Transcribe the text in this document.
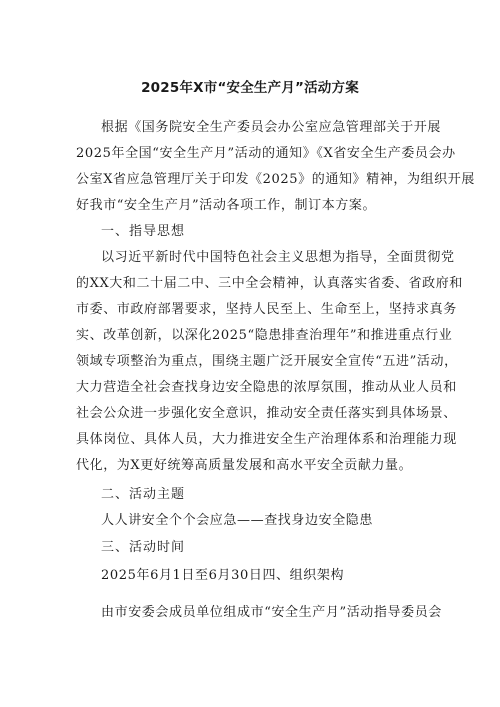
2025年X市“安全生产月”活动方案
根据《国务院安全生产委员会办公室应急管理部关于开展
2025年全国“安全生产月”活动的通知》《X省安全生产委员会办
公室X省应急管理厅关于印发《2025》的通知》精神，为组织开展
好我市“安全生产月”活动各项工作，制订本方案。
一、指导思想
以习近平新时代中国特色社会主义思想为指导，全面贯彻党
的XX大和二十届二中、三中全会精神，认真落实省委、省政府和
市委、市政府部署要求，坚持人民至上、生命至上，坚持求真务
实、改革创新，以深化2025“隐患排查治理年”和推进重点行业
领域专项整治为重点，围绕主题广泛开展安全宣传“五进”活动，
大力营造全社会查找身边安全隐患的浓厚氛围，推动从业人员和
社会公众进一步强化安全意识，推动安全责任落实到具体场景、
具体岗位、具体人员，大力推进安全生产治理体系和治理能力现
代化，为X更好统筹高质量发展和高水平安全贡献力量。
二、活动主题
人人讲安全个个会应急——查找身边安全隐患
三、活动时间
2025年6月1日至6月30日四、组织架构
由市安委会成员单位组成市“安全生产月”活动指导委员会
